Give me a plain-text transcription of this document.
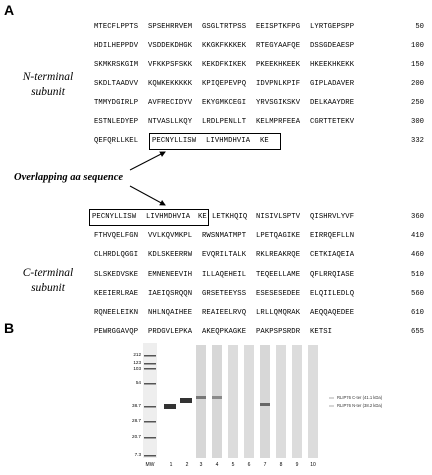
A
N-terminal
subunit
Overlapping aa sequence
C-terminal
subunit
MTECFLPPTS SPSEHRRVEM GSGLTRTPSS EEISPTKFPG LYRTGEPSPP	50
HDILHEPPDV VSDDEKDHGK KKGKFKKKEK RTEGYAAFQE DSSGDEAESP	100
SKMKRSKGIM VFKKPSFSKK KEKDFKIKEK PKEEKHKEEK HKEEKHKEKK	150
SKDLTAADVV KQWKEKKKKK KPIQEPEVPQ IDVPNLKPIF GIPLADAVER	200
TMMYDGIRLP AVFRECIDYV EKYGMKCEGI YRVSGIKSKV DELKAAYDRE	250
ESTNLEDYEP NTVASLLKQY LRDLPENLLT KELMPRFEEA CGRTTETEKV	300
QEFQRLLKEL PECNYLLISW LIVHMDHVIA KE	332
PECNYLLISW LIVHMDHVIA KE LETKHQIQ NISIVLSPTV QISHRVLYVF	360
FTHVQELFGN VVLKQVMKPL RWSNMATMPT LPETQAGIKE EIRRQEFLLN	410
CLHRDLQGGI KDLSKEERRW EVQRILTALK RKLREAKRQE CETKIAQEIA	460
SLSKEDVSKE EMNENEEVIH ILLAQEHEIL TEQEELLAME QFLRRQIASE	510
KEEIERLRAE IAEIQSRQQN GRSETEEYSS ESESESEDEE ELQIILEDLQ	560
RQNEELEIKN NHLNQAIHEE REAIEELRVQ LRLLQMQRAK AEQQAQEDEE	610
PEWRGGAVQP PRDGVLEPKA AKEQPKAGKE PAKPSPSRDR KETSI	655
B
212
123
103
54
38.7
28.7
20.7
7.3
MW	1	2	3	4	5	6	7	8	9	10
RLIP76 C-ter (41.1 kDa)
RLIP76 N-ter (38.2 kDa)
